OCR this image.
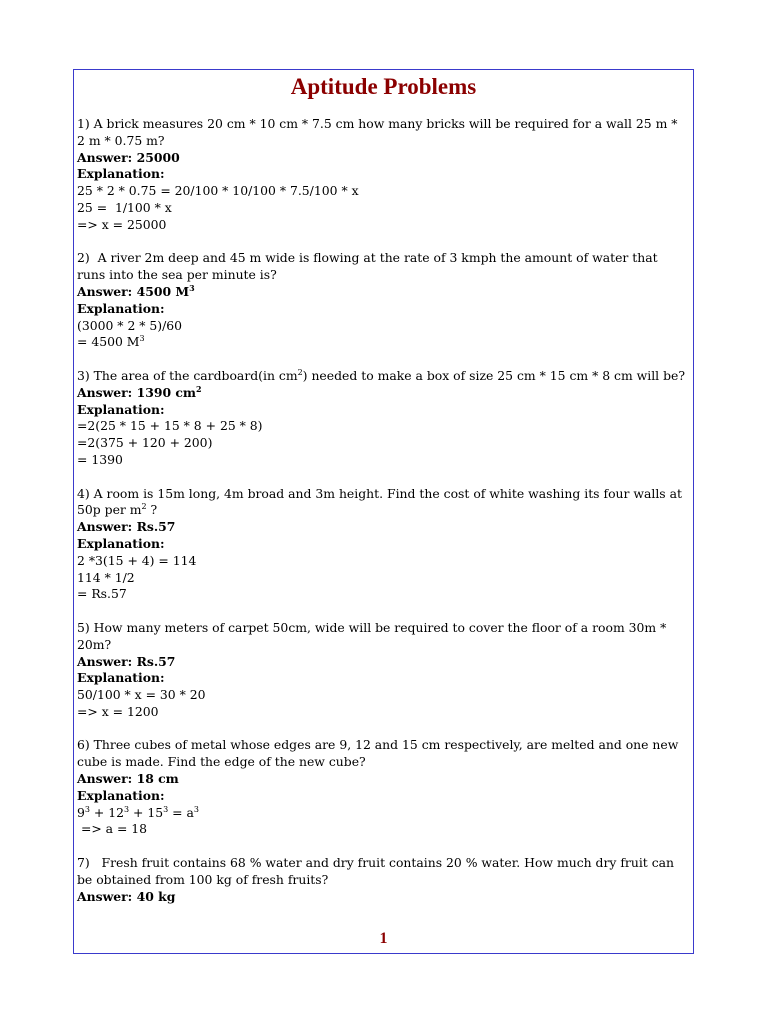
Aptitude Problems

1) A brick measures 20 cm * 10 cm * 7.5 cm how many bricks will be required for a wall 25 m * 2 m * 0.75 m?

Answer: 25000

Explanation:

25 * 2 * 0.75 = 20/100 * 10/100 * 7.5/100 * x

25 =  1/100 * x

=> x = 25000

2)  A river 2m deep and 45 m wide is flowing at the rate of 3 kmph the amount of water that runs into the sea per minute is?

Answer: 4500 $M^3$

Explanation:

(3000 * 2 * 5)/60

= 4500 $M^3$

3) The area of the cardboard(in $cm^2$) needed to make a box of size 25 cm * 15 cm * 8 cm will be?

Answer: 1390 $cm^2$

Explanation:

=2(25 * 15 + 15 * 8 + 25 * 8)

=2(375 + 120 + 200)

= 1390

4) A room is 15m long, 4m broad and 3m height. Find the cost of white washing its four walls at

50p per $m^2$ ?

Answer: Rs.57

Explanation:

2 *3(15 + 4) = 114

114 * 1/2

= Rs.57

5) How many meters of carpet 50cm, wide will be required to cover the floor of a room 30m * 20m?

Answer: Rs.57

Explanation:

50/100 * x = 30 * 20

=> x = 1200

6) Three cubes of metal whose edges are 9, 12 and 15 cm respectively, are melted and one new cube is made. Find the edge of the new cube?

Answer: 18 cm

Explanation:

$9^3 + 12^3 + 15^3 = a^3$

=> a = 18

7)   Fresh fruit contains 68 % water and dry fruit contains 20 % water. How much dry fruit can be obtained from 100 kg of fresh fruits?

Answer: 40 kg

1
